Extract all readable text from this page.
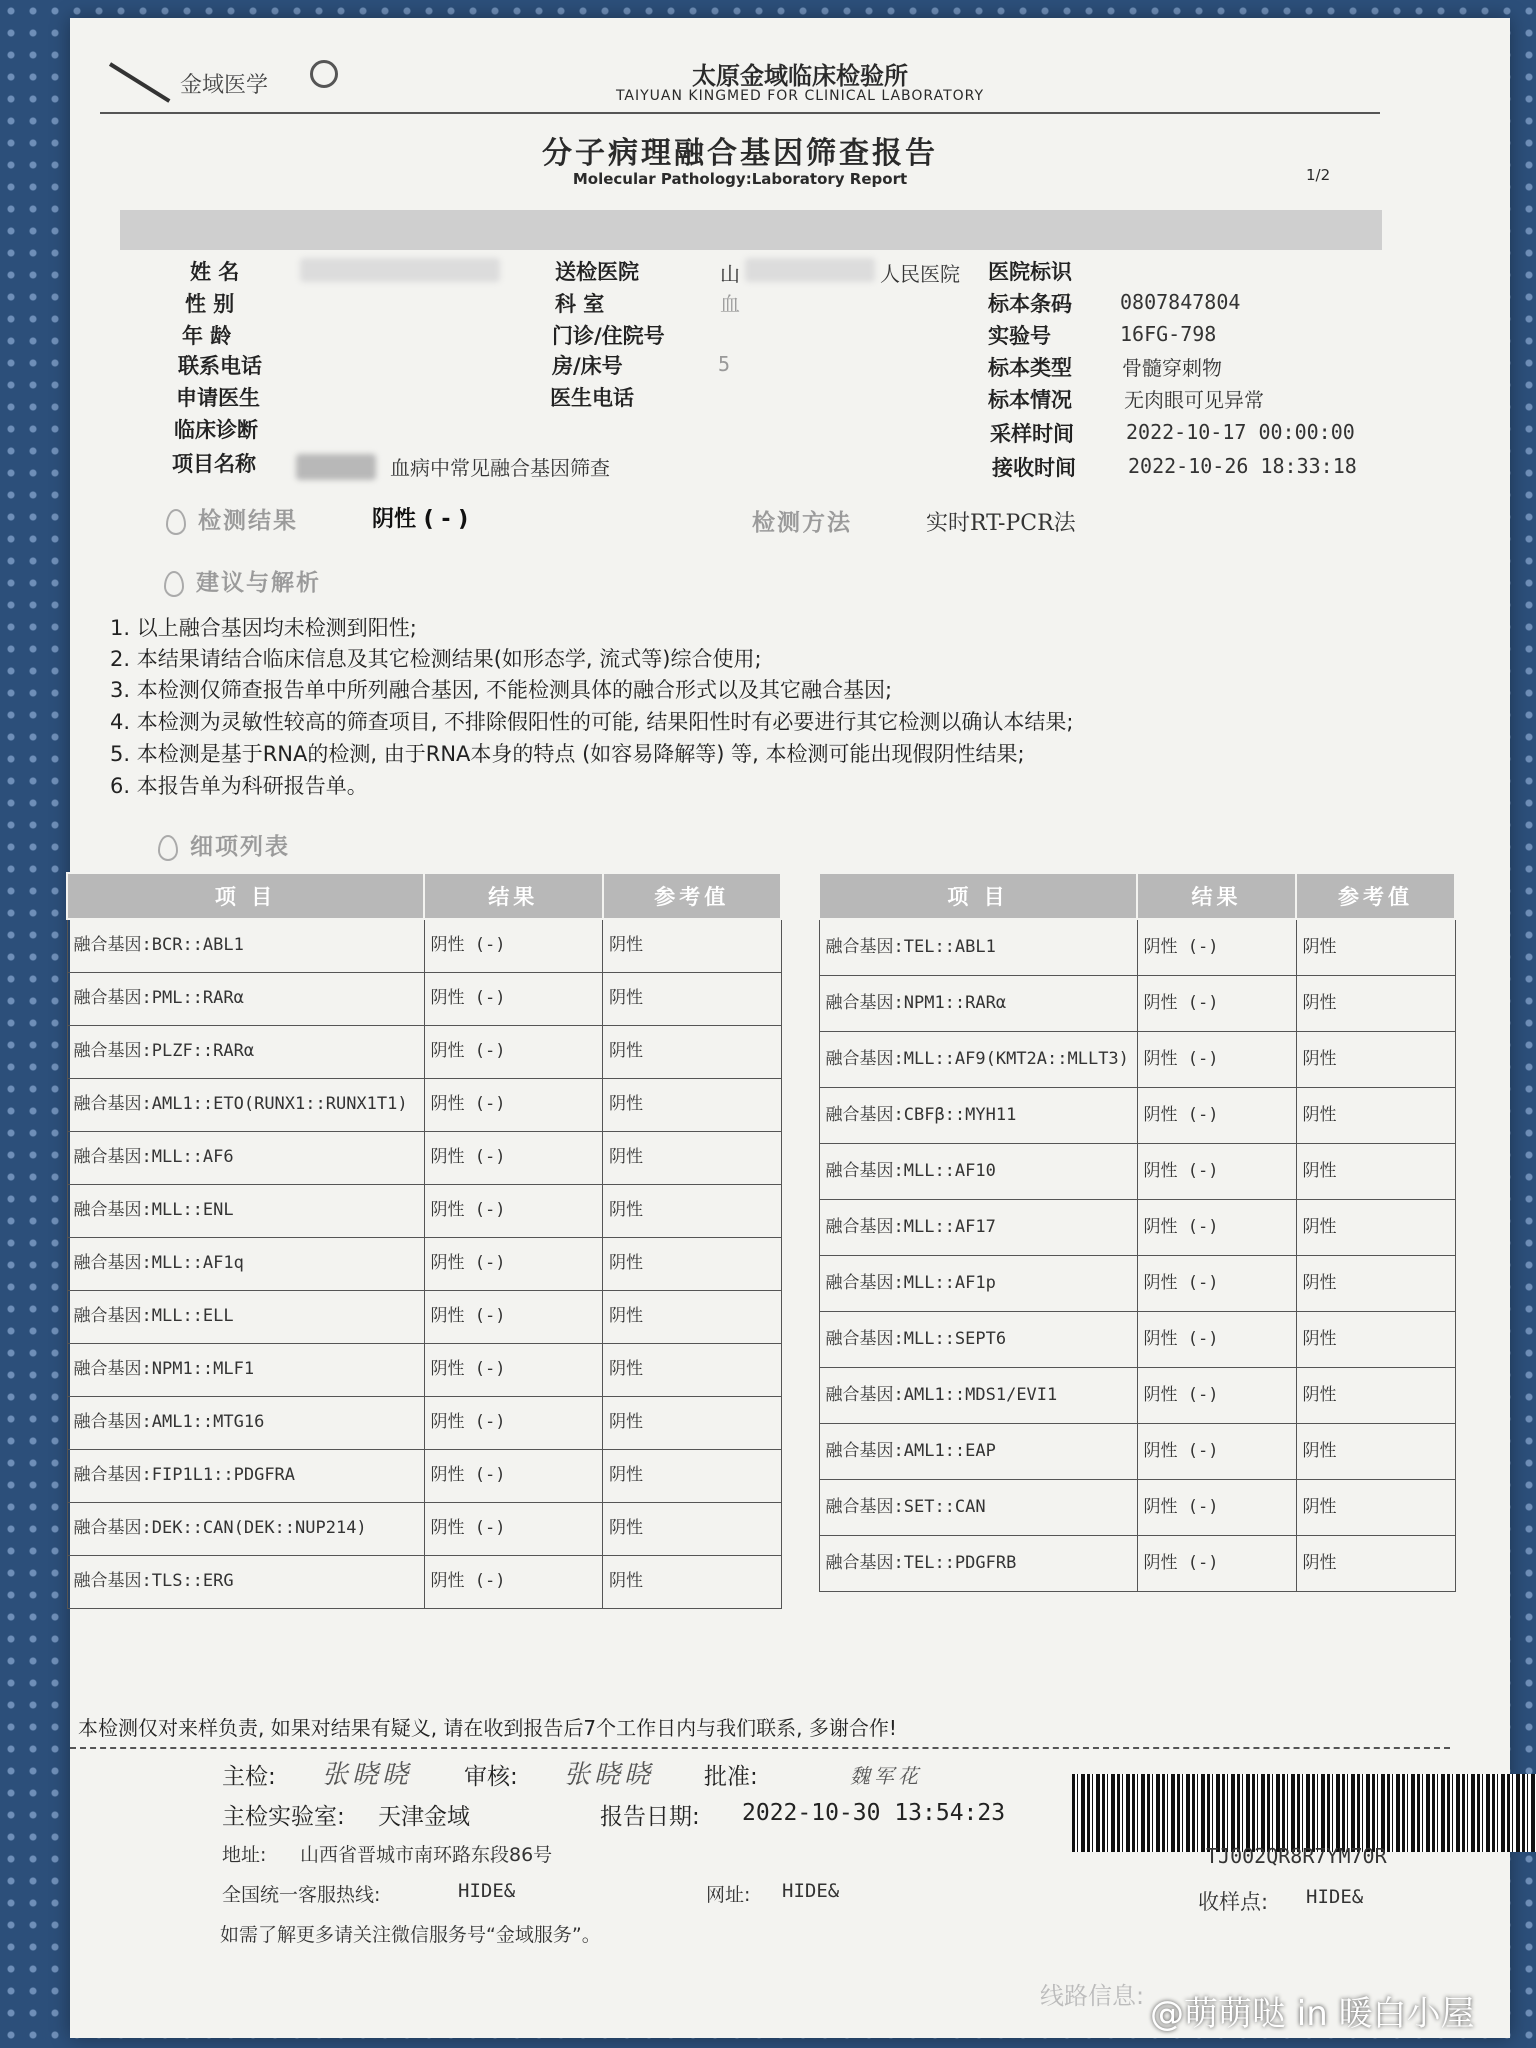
金域医学	太原金域临床检验所
TAIYUAN KINGMED FOR CLINICAL LABORATORY
分子病理融合基因筛查报告
Molecular Pathology:Laboratory Report	1/2
姓 名
性 别
年 龄
联系电话
申请医生
临床诊断
项目名称	血病中常见融合基因筛查
送检医院	山	人民医院
科 室	血
门诊/住院号
房/床号	5
医生电话
医院标识
标本条码 0807847804
实验号	16FG-798
标本类型	骨髓穿刺物
标本情况	无肉眼可见异常
采样时间	2022-10-17 00:00:00
接收时间	2022-10-26 18:33:18
检测结果	阴性 ( - )	检测方法	实时RT-PCR法
建议与解析
1. 以上融合基因均未检测到阳性;
2. 本结果请结合临床信息及其它检测结果(如形态学, 流式等)综合使用;
3. 本检测仅筛查报告单中所列融合基因, 不能检测具体的融合形式以及其它融合基因;
4. 本检测为灵敏性较高的筛查项目, 不排除假阳性的可能, 结果阳性时有必要进行其它检测以确认本结果;
5. 本检测是基于RNA的检测, 由于RNA本身的特点 (如容易降解等) 等, 本检测可能出现假阴性结果;
6. 本报告单为科研报告单。
细项列表
项 目	结果	参考值
融合基因:BCR::ABL1	阴性 (-)	阴性
融合基因:PML::RARα	阴性 (-)	阴性
融合基因:PLZF::RARα	阴性 (-)	阴性
融合基因:AML1::ETO(RUNX1::RUNX1T1)	阴性 (-)	阴性
融合基因:MLL::AF6	阴性 (-)	阴性
融合基因:MLL::ENL	阴性 (-)	阴性
融合基因:MLL::AF1q	阴性 (-)	阴性
融合基因:MLL::ELL	阴性 (-)	阴性
融合基因:NPM1::MLF1	阴性 (-)	阴性
融合基因:AML1::MTG16	阴性 (-)	阴性
融合基因:FIP1L1::PDGFRA	阴性 (-)	阴性
融合基因:DEK::CAN(DEK::NUP214)	阴性 (-)	阴性
融合基因:TLS::ERG	阴性 (-)	阴性
项 目	结果	参考值
融合基因:TEL::ABL1	阴性 (-)	阴性
融合基因:NPM1::RARα	阴性 (-)	阴性
融合基因:MLL::AF9(KMT2A::MLLT3)	阴性 (-)	阴性
融合基因:CBFβ::MYH11	阴性 (-)	阴性
融合基因:MLL::AF10	阴性 (-)	阴性
融合基因:MLL::AF17	阴性 (-)	阴性
融合基因:MLL::AF1p	阴性 (-)	阴性
融合基因:MLL::SEPT6	阴性 (-)	阴性
融合基因:AML1::MDS1/EVI1	阴性 (-)	阴性
融合基因:AML1::EAP	阴性 (-)	阴性
融合基因:SET::CAN	阴性 (-)	阴性
融合基因:TEL::PDGFRB	阴性 (-)	阴性
本检测仅对来样负责, 如果对结果有疑义, 请在收到报告后7个工作日内与我们联系, 多谢合作!
主检: 张晓晓 审核: 张晓晓 批准:	魏军花
主检实验室: 天津金域	报告日期: 2022-10-30 13:54:23
TJ002QR8R7YM70R
地址: 山西省晋城市南环路东段86号
全国统一客服热线:	HIDE&	网址: HIDE&	收样点: HIDE&
如需了解更多请关注微信服务号“金域服务”。
线路信息: @萌萌哒 in 暖白小屋
